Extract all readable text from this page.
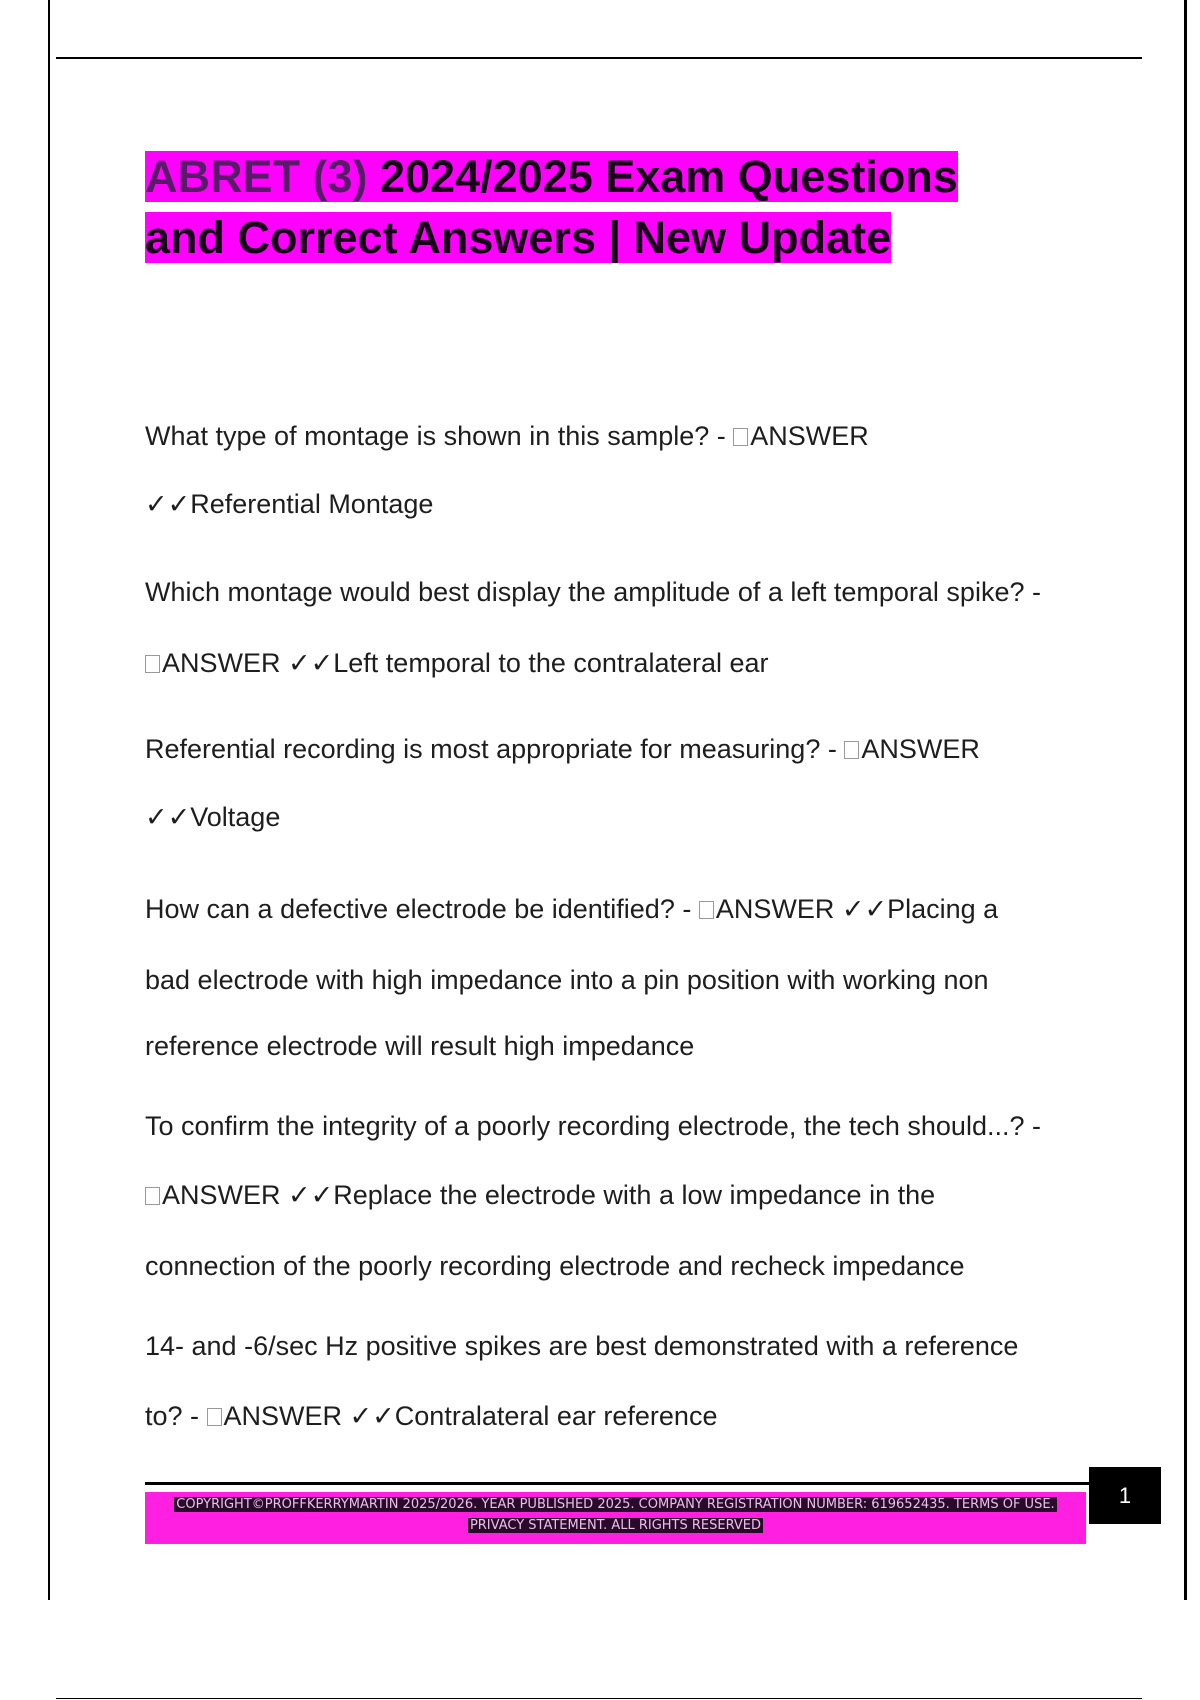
ABRET (3) 2024/2025 Exam Questions
and Correct Answers | New Update
What type of montage is shown in this sample? - ANSWER
✓✓Referential Montage
Which montage would best display the amplitude of a left temporal spike? -
ANSWER ✓✓Left temporal to the contralateral ear
Referential recording is most appropriate for measuring? - ANSWER
✓✓Voltage
How can a defective electrode be identified? - ANSWER ✓✓Placing a
bad electrode with high impedance into a pin position with working non
reference electrode will result high impedance
To confirm the integrity of a poorly recording electrode, the tech should...? -
ANSWER ✓✓Replace the electrode with a low impedance in the
connection of the poorly recording electrode and recheck impedance
14- and -6/sec Hz positive spikes are best demonstrated with a reference
to? - ANSWER ✓✓Contralateral ear reference
COPYRIGHT©PROFFKERRYMARTIN 2025/2026. YEAR PUBLISHED 2025. COMPANY REGISTRATION NUMBER: 619652435. TERMS OF USE.
PRIVACY STATEMENT. ALL RIGHTS RESERVED
1
